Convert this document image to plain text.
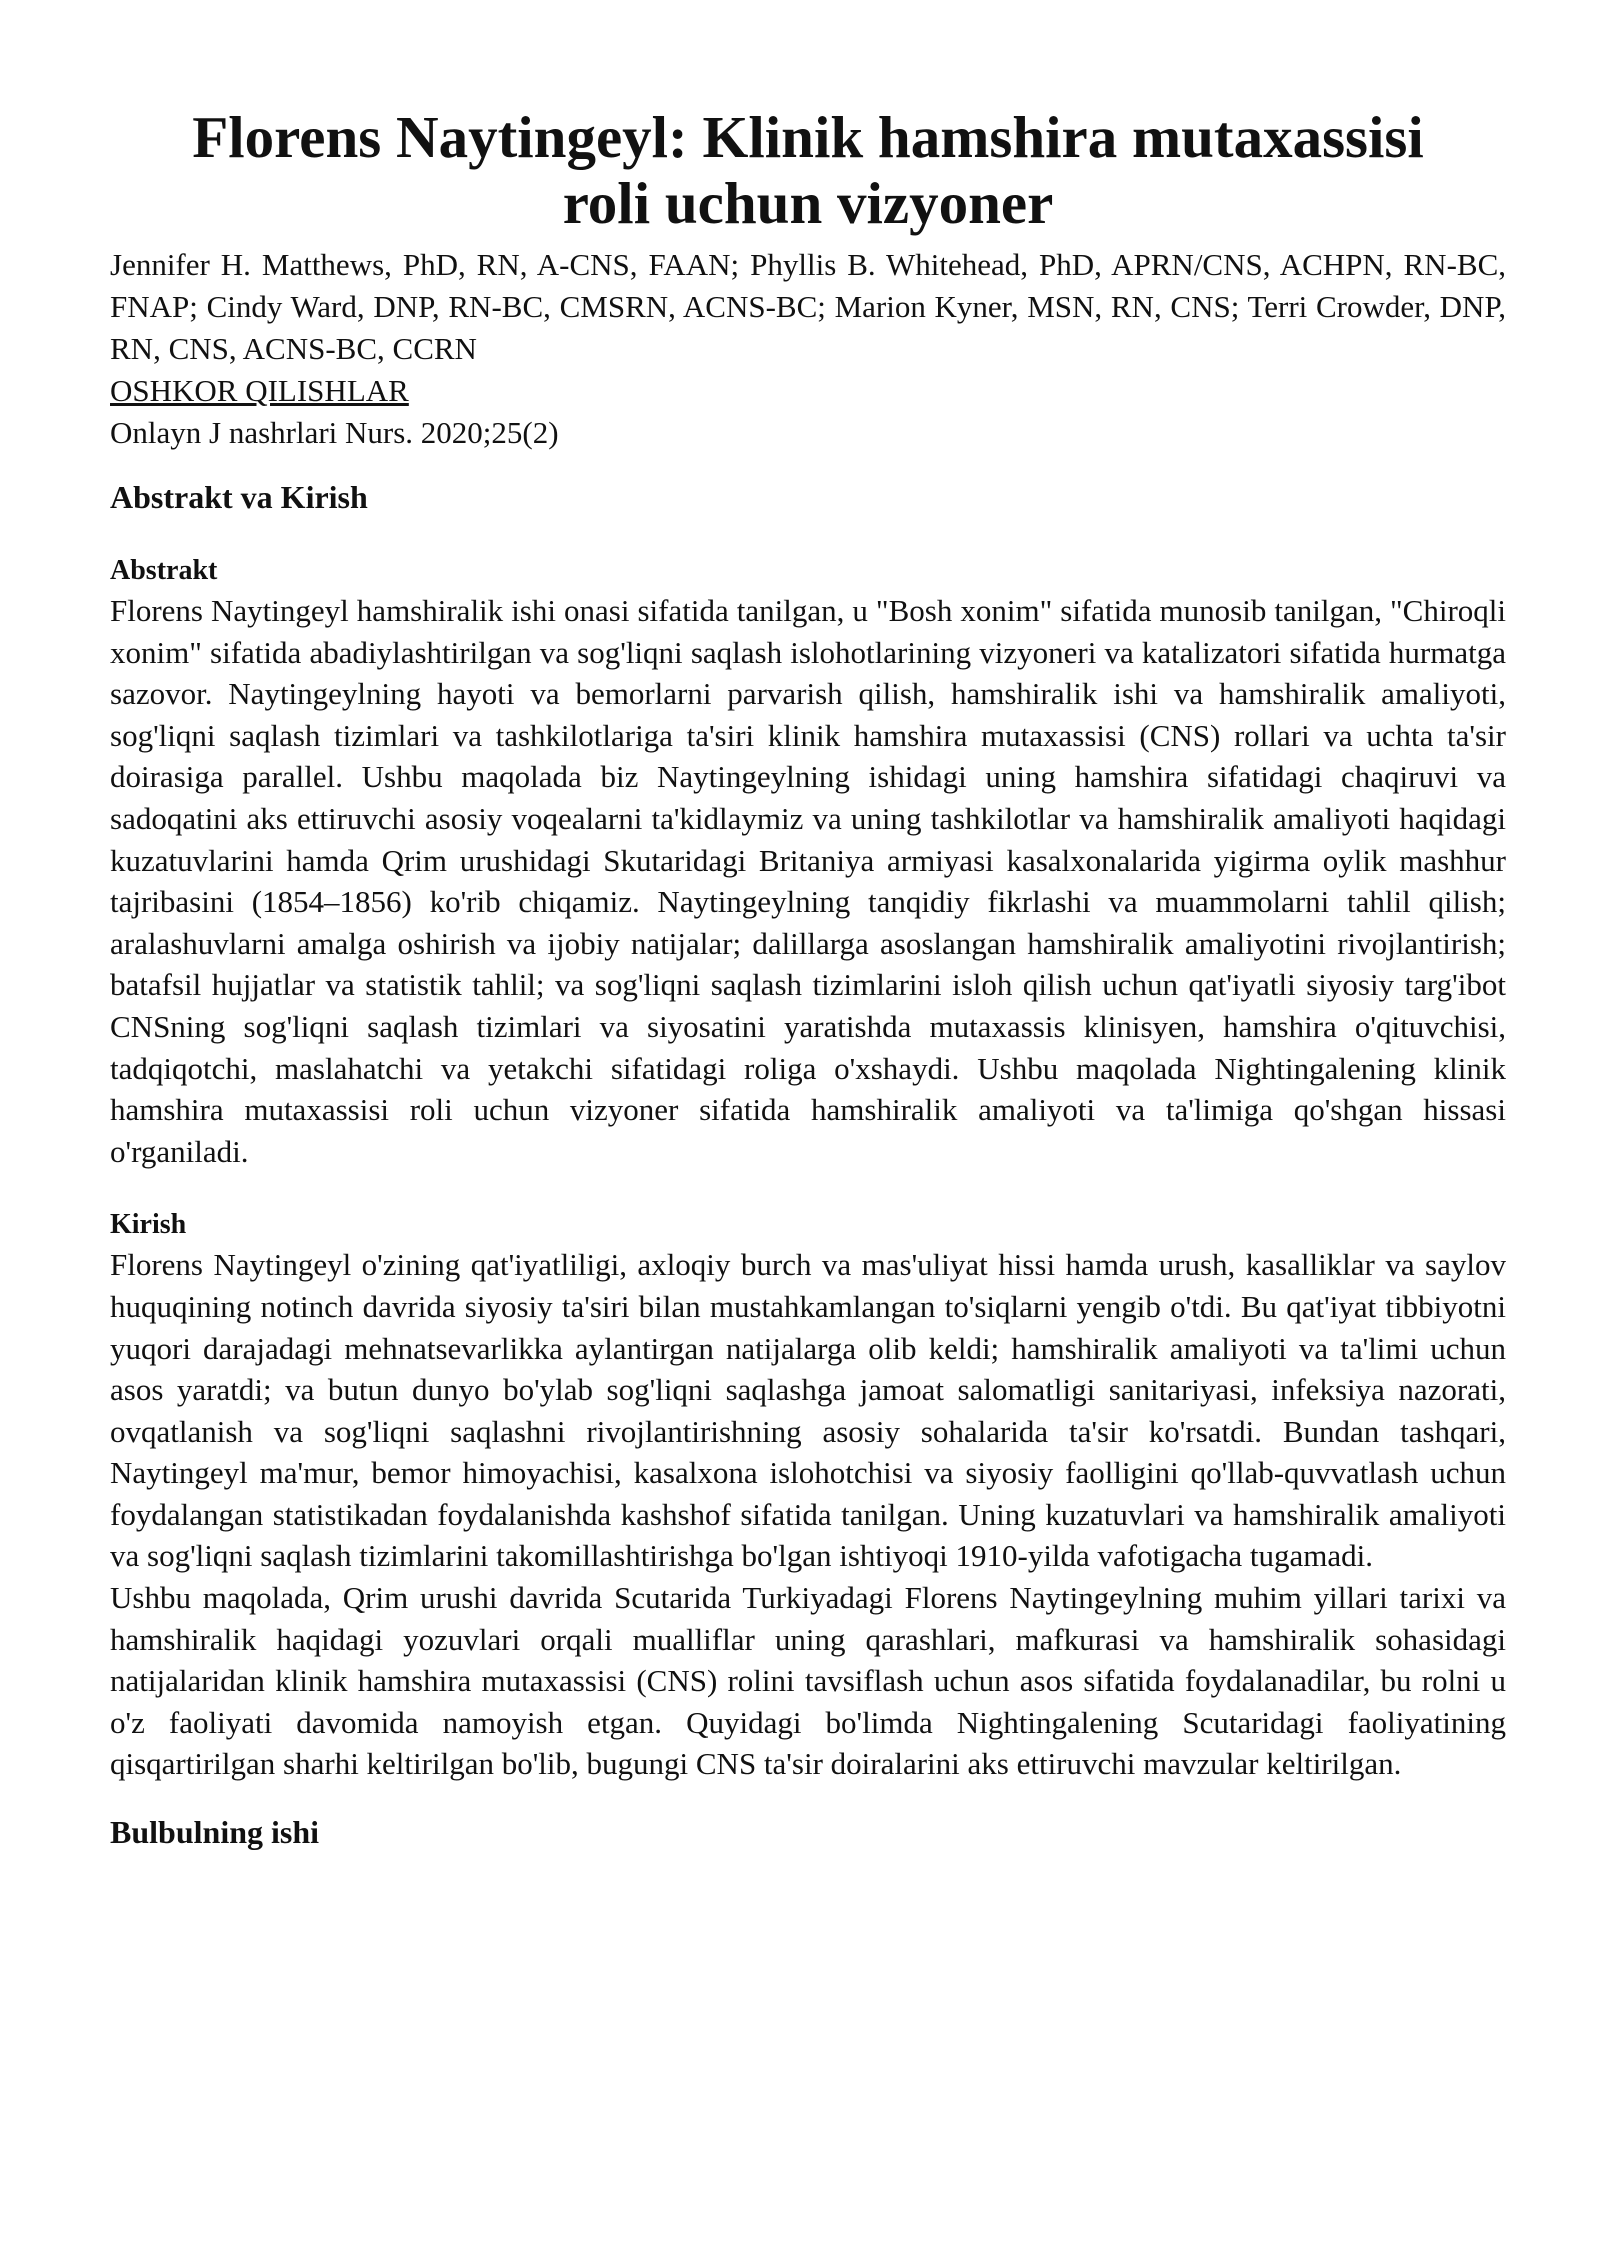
Florens Naytingeyl: Klinik hamshira mutaxassisi
roli uchun vizyoner

Jennifer H. Matthews, PhD, RN, A-CNS, FAAN; Phyllis B. Whitehead, PhD, APRN/CNS, ACHPN, RN-BC, FNAP; Cindy Ward, DNP, RN-BC, CMSRN, ACNS-BC; Marion Kyner, MSN, RN, CNS; Terri Crowder, DNP, RN, CNS, ACNS-BC, CCRN

OSHKOR QILISHLAR

Onlayn J nashrlari Nurs. 2020;25(2)

Abstrakt va Kirish
Abstrakt

Florens Naytingeyl hamshiralik ishi onasi sifatida tanilgan, u "Bosh xonim" sifatida munosib tanilgan, "Chiroqli xonim" sifatida abadiylashtirilgan va sog'liqni saqlash islohotlarining vizyoneri va katalizatori sifatida hurmatga sazovor. Naytingeylning hayoti va bemorlarni parvarish qilish, hamshiralik ishi va hamshiralik amaliyoti, sog'liqni saqlash tizimlari va tashkilotlariga ta'siri klinik hamshira mutaxassisi (CNS) rollari va uchta ta'sir doirasiga parallel. Ushbu maqolada biz Naytingeylning ishidagi uning hamshira sifatidagi chaqiruvi va sadoqatini aks ettiruvchi asosiy voqealarni ta'kidlaymiz va uning tashkilotlar va hamshiralik amaliyoti haqidagi kuzatuvlarini hamda Qrim urushidagi Skutaridagi Britaniya armiyasi kasalxonalarida yigirma oylik mashhur tajribasini (1854–1856) ko'rib chiqamiz. Naytingeylning tanqidiy fikrlashi va muammolarni tahlil qilish; aralashuvlarni amalga oshirish va ijobiy natijalar; dalillarga asoslangan hamshiralik amaliyotini rivojlantirish; batafsil hujjatlar va statistik tahlil; va sog'liqni saqlash tizimlarini isloh qilish uchun qat'iyatli siyosiy targ'ibot CNSning sog'liqni saqlash tizimlari va siyosatini yaratishda mutaxassis klinisyen, hamshira o'qituvchisi, tadqiqotchi, maslahatchi va yetakchi sifatidagi roliga o'xshaydi. Ushbu maqolada Nightingalening klinik hamshira mutaxassisi roli uchun vizyoner sifatida hamshiralik amaliyoti va ta'limiga qo'shgan hissasi o'rganiladi.

Kirish

Florens Naytingeyl o'zining qat'iyatliligi, axloqiy burch va mas'uliyat hissi hamda urush, kasalliklar va saylov huquqining notinch davrida siyosiy ta'siri bilan mustahkamlangan to'siqlarni yengib o'tdi. Bu qat'iyat tibbiyotni yuqori darajadagi mehnatsevarlikka aylantirgan natijalarga olib keldi; hamshiralik amaliyoti va ta'limi uchun asos yaratdi; va butun dunyo bo'ylab sog'liqni saqlashga jamoat salomatligi sanitariyasi, infeksiya nazorati, ovqatlanish va sog'liqni saqlashni rivojlantirishning asosiy sohalarida ta'sir ko'rsatdi. Bundan tashqari, Naytingeyl ma'mur, bemor himoyachisi, kasalxona islohotchisi va siyosiy faolligini qo'llab-quvvatlash uchun foydalangan statistikadan foydalanishda kashshof sifatida tanilgan. Uning kuzatuvlari va hamshiralik amaliyoti va sog'liqni saqlash tizimlarini takomillashtirishga bo'lgan ishtiyoqi 1910-yilda vafotigacha tugamadi.

Ushbu maqolada, Qrim urushi davrida Scutarida Turkiyadagi Florens Naytingeylning muhim yillari tarixi va hamshiralik haqidagi yozuvlari orqali mualliflar uning qarashlari, mafkurasi va hamshiralik sohasidagi natijalaridan klinik hamshira mutaxassisi (CNS) rolini tavsiflash uchun asos sifatida foydalanadilar, bu rolni u o'z faoliyati davomida namoyish etgan. Quyidagi bo'limda Nightingalening Scutaridagi faoliyatining qisqartirilgan sharhi keltirilgan bo'lib, bugungi CNS ta'sir doiralarini aks ettiruvchi mavzular keltirilgan.

Bulbulning ishi
